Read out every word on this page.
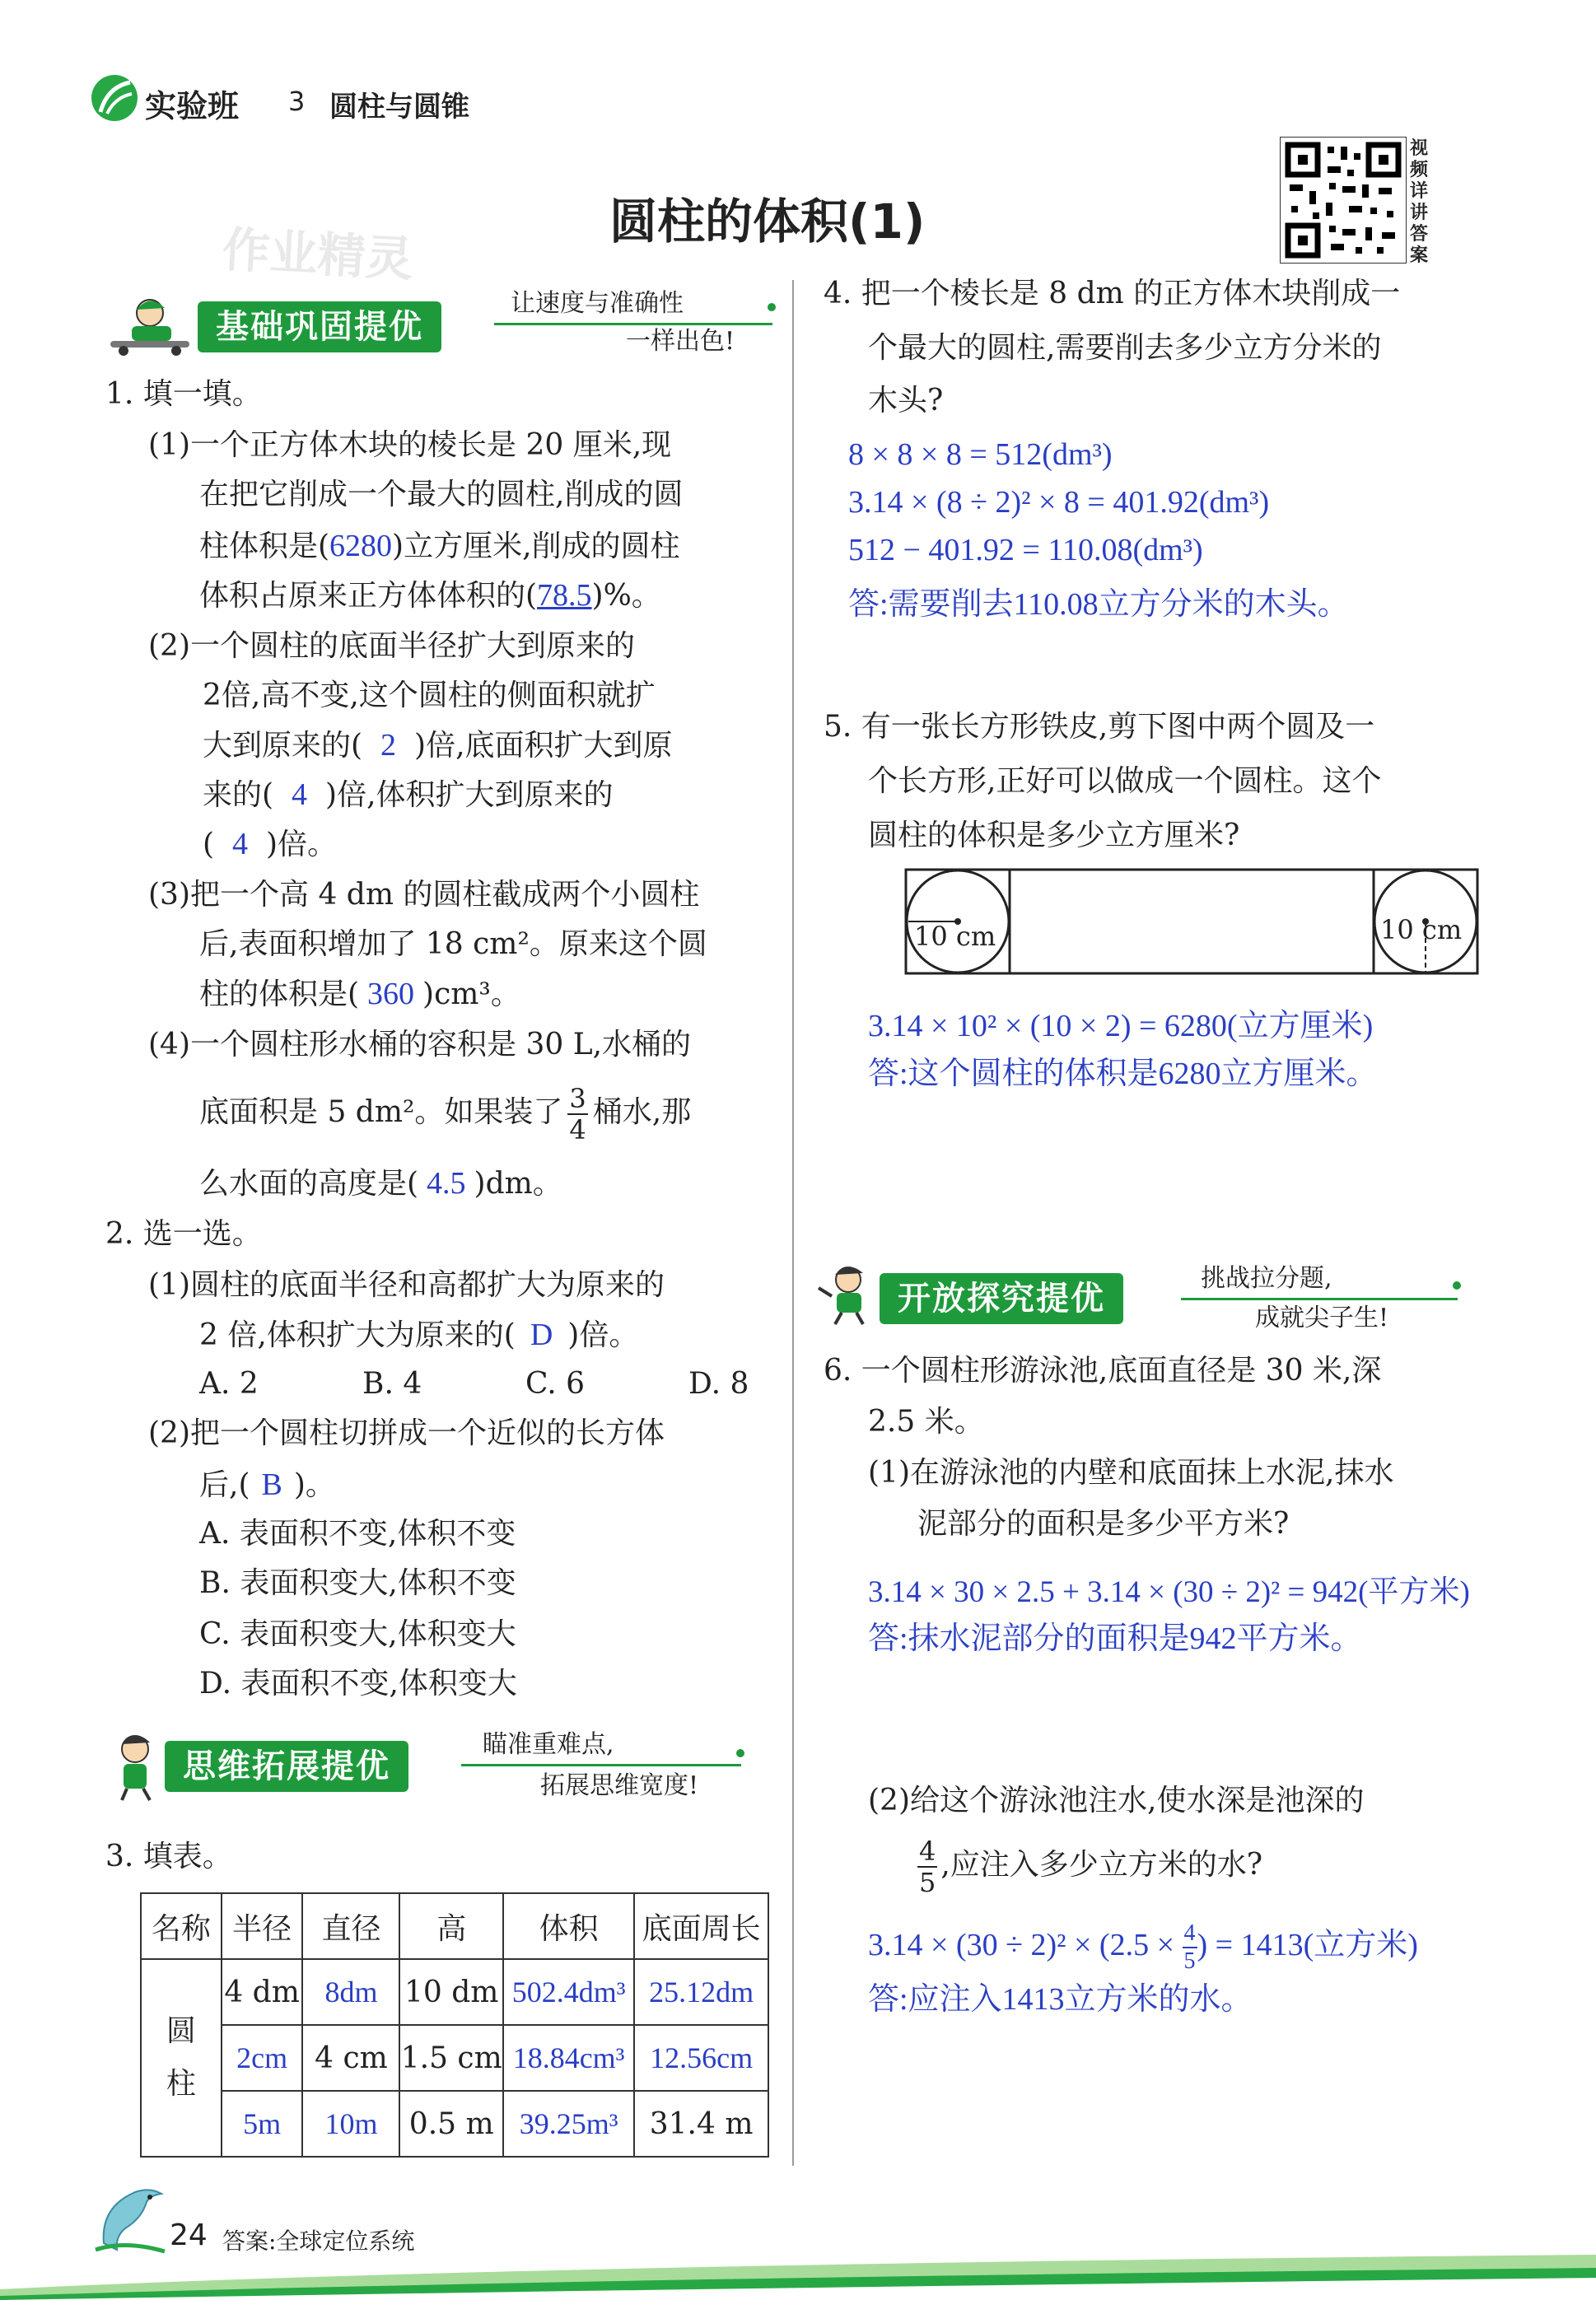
实验班 3 圆柱与圆锥
圆柱的体积(1)
作业精灵
视频详讲答案
基础巩固提优
让速度与准确性
一样出色!
1. 填一填。
(1)一个正方体木块的棱长是 20 厘米,现
在把它削成一个最大的圆柱,削成的圆
柱体积是(6280)立方厘米,削成的圆柱
体积占原来正方体体积的(78.5)%。
(2)一个圆柱的底面半径扩大到原来的
2倍,高不变,这个圆柱的侧面积就扩
大到原来的( 2 )倍,底面积扩大到原
来的( 4 )倍,体积扩大到原来的
( 4 )倍。
(3)把一个高 4 dm 的圆柱截成两个小圆柱
后,表面积增加了 18 cm²。原来这个圆
柱的体积是( 360 )cm³。
(4)一个圆柱形水桶的容积是 30 L,水桶的
底面积是 5 dm²。如果装了 $\frac{3}{4}$ 桶水,那
么水面的高度是( 4.5 )dm。
2. 选一选。
(1)圆柱的底面半径和高都扩大为原来的
2 倍,体积扩大为原来的( D )倍。
A. 2	B. 4	C. 6	D. 8
(2)把一个圆柱切拼成一个近似的长方体
后,( B )。
A. 表面积不变,体积不变
B. 表面积变大,体积不变
C. 表面积变大,体积变大
D. 表面积不变,体积变大
思维拓展提优
瞄准重难点,
拓展思维宽度!
3. 填表。
名称	半径	直径	高	体积	底面周长
圆
柱	4 dm	8dm	10 dm	502.4dm³	25.12dm
	2cm	4 cm	1.5 cm	18.84cm³	12.56cm
	5m	10m	0.5 m	39.25m³	31.4 m
4. 把一个棱长是 8 dm 的正方体木块削成一
个最大的圆柱,需要削去多少立方分米的
木头?
8 × 8 × 8 = 512(dm³)
3.14 × (8 ÷ 2)² × 8 = 401.92(dm³)
512 − 401.92 = 110.08(dm³)
答:需要削去110.08立方分米的木头。
5. 有一张长方形铁皮,剪下图中两个圆及一
个长方形,正好可以做成一个圆柱。这个
圆柱的体积是多少立方厘米?
10 cm	10 cm
3.14 × 10² × (10 × 2) = 6280(立方厘米)
答:这个圆柱的体积是6280立方厘米。
开放探究提优
挑战拉分题,
成就尖子生!
6. 一个圆柱形游泳池,底面直径是 30 米,深
2.5 米。
(1)在游泳池的内壁和底面抹上水泥,抹水
泥部分的面积是多少平方米?
3.14 × 30 × 2.5 + 3.14 × (30 ÷ 2)² = 942(平方米)
答:抹水泥部分的面积是942平方米。
(2)给这个游泳池注水,使水深是池深的
$\frac{4}{5}$ ,应注入多少立方米的水?
$3.14 \times (30 \div 2)^2 \times (2.5 \times \frac{4}{5}$ ) = 1413(立方米)
答:应注入1413立方米的水。
24 答案:全球定位系统
